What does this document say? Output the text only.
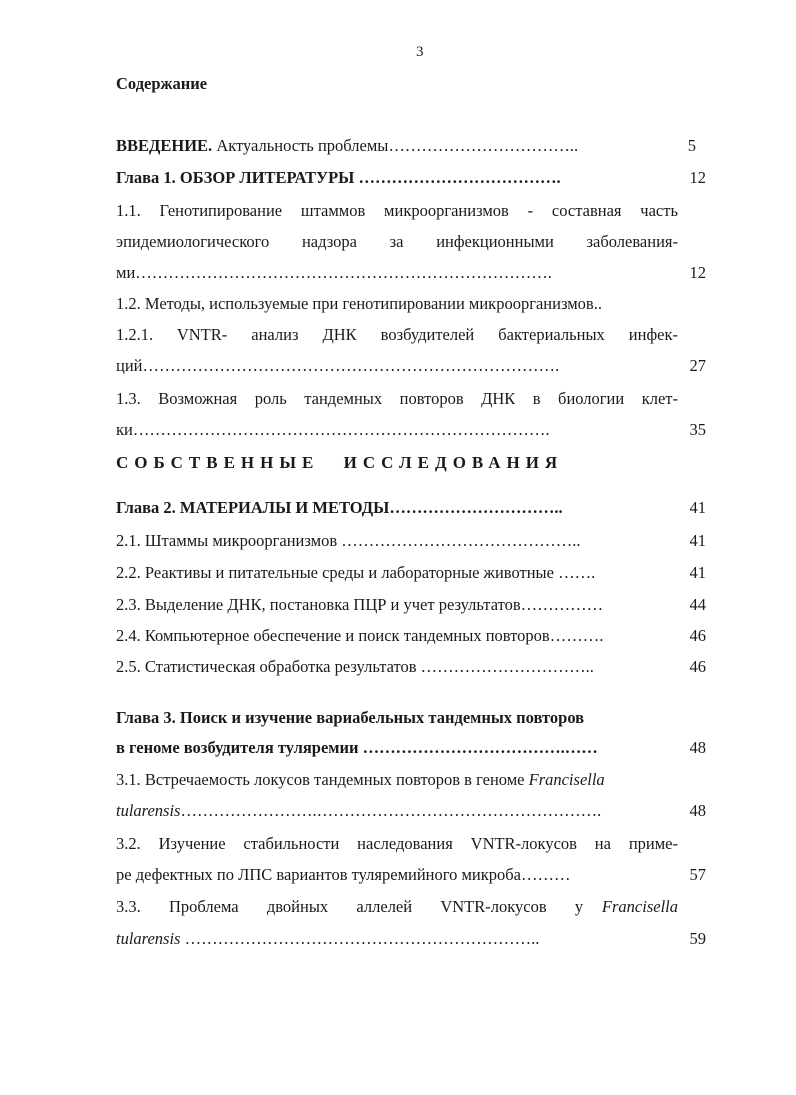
3
Содержание
ВВЕДЕНИЕ. Актуальность проблемы……………………………..	5
Глава 1. ОБЗОР ЛИТЕРАТУРЫ ……………………………….	12
1.1. Генотипирование штаммов микроорганизмов - составная часть
эпидемиологического надзора за инфекционными заболевания-
ми………………………………………………………………….	12
1.2. Методы, используемые при генотипировании микроорганизмов..
1.2.1. VNTR- анализ ДНК возбудителей бактериальных инфек-
ций………………………………………………………………….	27
1.3. Возможная роль тандемных повторов ДНК в биологии клет-
ки………………………………………………………………….	35
СОБСТВЕННЫЕ ИССЛЕДОВАНИЯ
Глава 2. МАТЕРИАЛЫ И МЕТОДЫ…………………………..	41
2.1. Штаммы микроорганизмов ……………………………………..	41
2.2. Реактивы и питательные среды и лабораторные животные …….	41
2.3. Выделение ДНК, постановка ПЦР и учет результатов……………	44
2.4. Компьютерное обеспечение и поиск тандемных повторов……….	46
2.5. Статистическая обработка результатов …………………………..	46
Глава 3. Поиск и изучение вариабельных тандемных повторов
в геноме возбудителя туляремии ……………………………….……	48
3.1. Встречаемость локусов тандемных повторов в геноме Francisella
tularensis…………………….…………………………………………….	48
3.2. Изучение стабильности наследования VNTR-локусов на приме-
ре дефектных по ЛПС вариантов туляремийного микроба………	57
3.3.  Проблема  двойных  аллелей  VNTR-локусов  у Francisella
tularensis ………………………………………………………..	59
